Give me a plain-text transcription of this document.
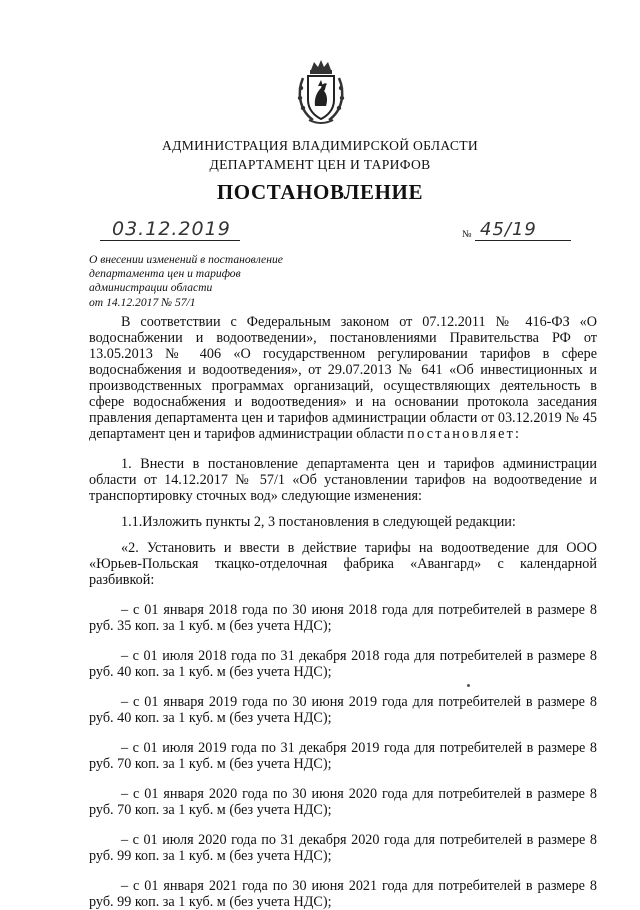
АДМИНИСТРАЦИЯ ВЛАДИМИРСКОЙ ОБЛАСТИ
ДЕПАРТАМЕНТ ЦЕН И ТАРИФОВ
ПОСТАНОВЛЕНИЕ
03.12.2019	№ 45/19
О внесении изменений в постановление
департамента цен и тарифов
администрации области
от 14.12.2017 № 57/1

В соответствии с Федеральным законом от 07.12.2011 № 416-ФЗ «О водоснабжении и водоотведении», постановлениями Правительства РФ от 13.05.2013 № 406 «О государственном регулировании тарифов в сфере водоснабжения и водоотведения», от 29.07.2013 № 641 «Об инвестиционных и производственных программах организаций, осуществляющих деятельность в сфере водоснабжения и водоотведения» и на основании протокола заседания правления департамента цен и тарифов администрации области от 03.12.2019 № 45 департамент цен и тарифов администрации области постановляет:

1. Внести в постановление департамента цен и тарифов администрации области от 14.12.2017 № 57/1 «Об установлении тарифов на водоотведение и транспортировку сточных вод» следующие изменения:

1.1.Изложить пункты 2, 3 постановления в следующей редакции:

«2. Установить и ввести в действие тарифы на водоотведение для ООО «Юрьев-Польская ткацко-отделочная фабрика «Авангард» с календарной разбивкой:

– с 01 января 2018 года по 30 июня 2018 года для потребителей в размере 8 руб. 35 коп. за 1 куб. м (без учета НДС);

– с 01 июля 2018 года по 31 декабря 2018 года для потребителей в размере 8 руб. 40 коп. за 1 куб. м (без учета НДС);

– с 01 января 2019 года по 30 июня 2019 года для потребителей в размере 8 руб. 40 коп. за 1 куб. м (без учета НДС);

– с 01 июля 2019 года по 31 декабря 2019 года для потребителей в размере 8 руб. 70 коп. за 1 куб. м (без учета НДС);

– с 01 января 2020 года по 30 июня 2020 года для потребителей в размере 8 руб. 70 коп. за 1 куб. м (без учета НДС);

– с 01 июля 2020 года по 31 декабря 2020 года для потребителей в размере 8 руб. 99 коп. за 1 куб. м (без учета НДС);

– с 01 января 2021 года по 30 июня 2021 года для потребителей в размере 8 руб. 99 коп. за 1 куб. м (без учета НДС);
